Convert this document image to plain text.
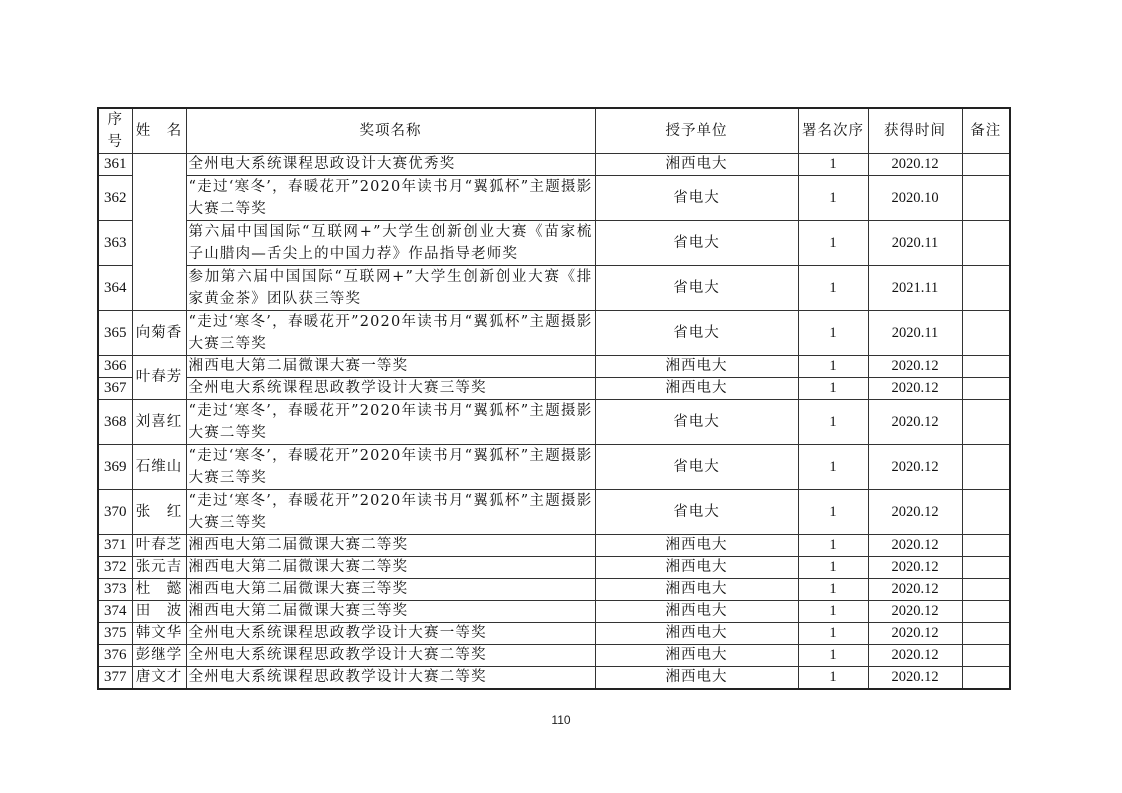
序号	姓　名	奖项名称	授予单位	署名次序	获得时间	备注
361		全州电大系统课程思政设计大赛优秀奖	湘西电大	1	2020.12	
362		“走过‘寒冬’，春暖花开”2020年读书月“翼狐杯”主题摄影大赛二等奖	省电大	1	2020.10	
363		第六届中国国际“互联网+”大学生创新创业大赛《苗家梳子山腊肉—舌尖上的中国力荐》作品指导老师奖	省电大	1	2020.11	
364		参加第六届中国国际“互联网+”大学生创新创业大赛《排家黄金茶》团队获三等奖	省电大	1	2021.11	
365	向菊香	“走过‘寒冬’，春暖花开”2020年读书月“翼狐杯”主题摄影大赛三等奖	省电大	1	2020.11	
366	叶春芳	湘西电大第二届微课大赛一等奖	湘西电大	1	2020.12	
367		全州电大系统课程思政教学设计大赛三等奖	湘西电大	1	2020.12	
368	刘喜红	“走过‘寒冬’，春暖花开”2020年读书月“翼狐杯”主题摄影大赛二等奖	省电大	1	2020.12	
369	石维山	“走过‘寒冬’，春暖花开”2020年读书月“翼狐杯”主题摄影大赛三等奖	省电大	1	2020.12	
370	张　红	“走过‘寒冬’，春暖花开”2020年读书月“翼狐杯”主题摄影大赛三等奖	省电大	1	2020.12	
371	叶春芝	湘西电大第二届微课大赛二等奖	湘西电大	1	2020.12	
372	张元吉	湘西电大第二届微课大赛二等奖	湘西电大	1	2020.12	
373	杜　懿	湘西电大第二届微课大赛三等奖	湘西电大	1	2020.12	
374	田　波	湘西电大第二届微课大赛三等奖	湘西电大	1	2020.12	
375	韩文华	全州电大系统课程思政教学设计大赛一等奖	湘西电大	1	2020.12	
376	彭继学	全州电大系统课程思政教学设计大赛二等奖	湘西电大	1	2020.12	
377	唐文才	全州电大系统课程思政教学设计大赛二等奖	湘西电大	1	2020.12	
110
